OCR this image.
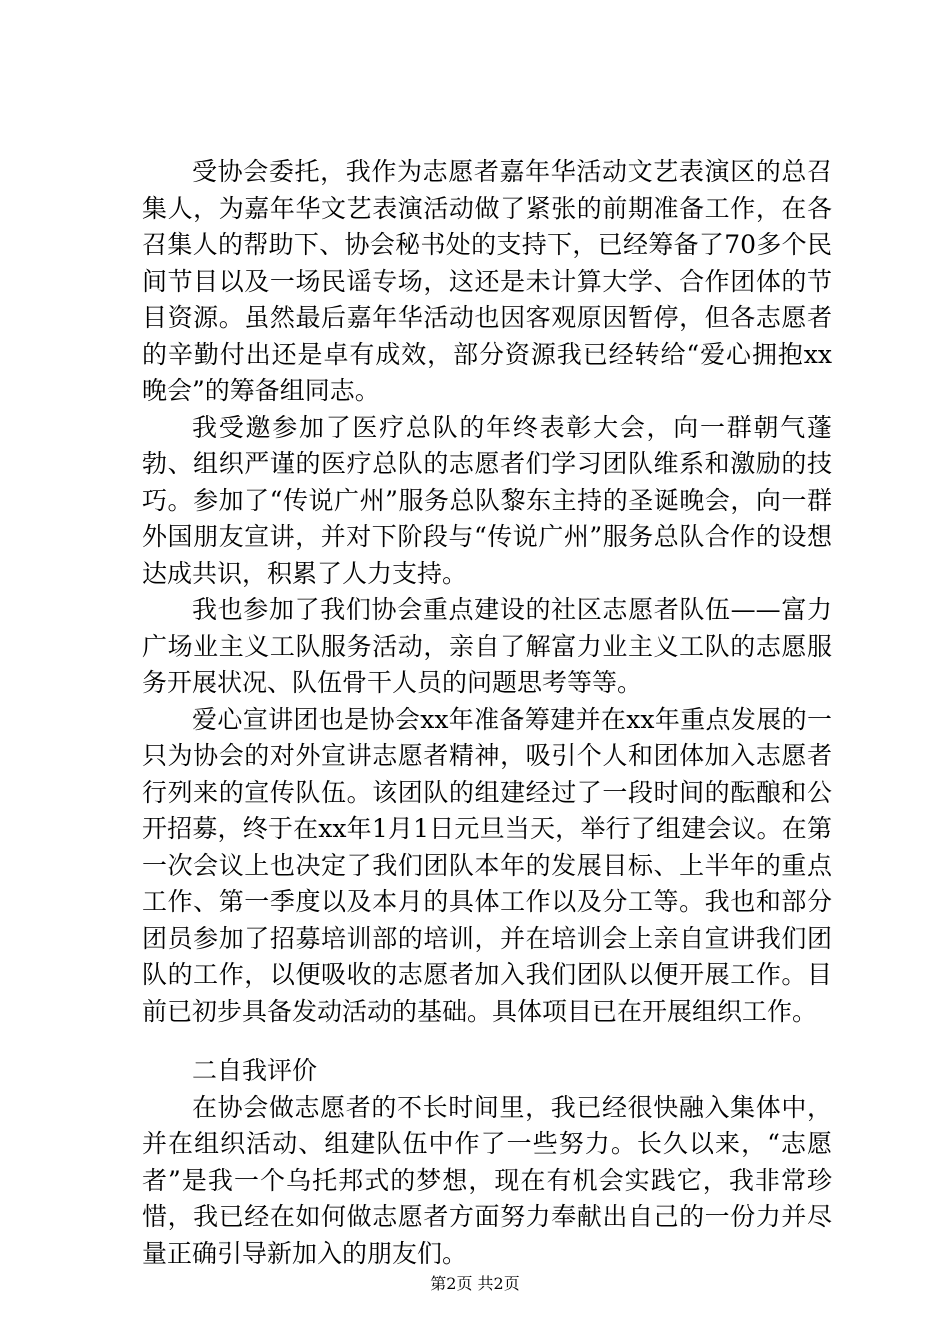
受协会委托，我作为志愿者嘉年华活动文艺表演区的总召集人，为嘉年华文艺表演活动做了紧张的前期准备工作，在各召集人的帮助下、协会秘书处的支持下，已经筹备了70多个民间节目以及一场民谣专场，这还是未计算大学、合作团体的节目资源。虽然最后嘉年华活动也因客观原因暂停，但各志愿者的辛勤付出还是卓有成效，部分资源我已经转给“爱心拥抱xx晚会”的筹备组同志。

我受邀参加了医疗总队的年终表彰大会，向一群朝气蓬勃、组织严谨的医疗总队的志愿者们学习团队维系和激励的技巧。参加了“传说广州”服务总队黎东主持的圣诞晚会，向一群外国朋友宣讲，并对下阶段与“传说广州”服务总队合作的设想达成共识，积累了人力支持。

我也参加了我们协会重点建设的社区志愿者队伍——富力广场业主义工队服务活动，亲自了解富力业主义工队的志愿服务开展状况、队伍骨干人员的问题思考等等。

爱心宣讲团也是协会xx年准备筹建并在xx年重点发展的一只为协会的对外宣讲志愿者精神，吸引个人和团体加入志愿者行列来的宣传队伍。该团队的组建经过了一段时间的酝酿和公开招募，终于在xx年1月1日元旦当天，举行了组建会议。在第一次会议上也决定了我们团队本年的发展目标、上半年的重点工作、第一季度以及本月的具体工作以及分工等。我也和部分团员参加了招募培训部的培训，并在培训会上亲自宣讲我们团队的工作，以便吸收的志愿者加入我们团队以便开展工作。目前已初步具备发动活动的基础。具体项目已在开展组织工作。

二自我评价

在协会做志愿者的不长时间里，我已经很快融入集体中，并在组织活动、组建队伍中作了一些努力。长久以来，“志愿者”是我一个乌托邦式的梦想，现在有机会实践它，我非常珍惜，我已经在如何做志愿者方面努力奉献出自己的一份力并尽量正确引导新加入的朋友们。

第2页 共2页
